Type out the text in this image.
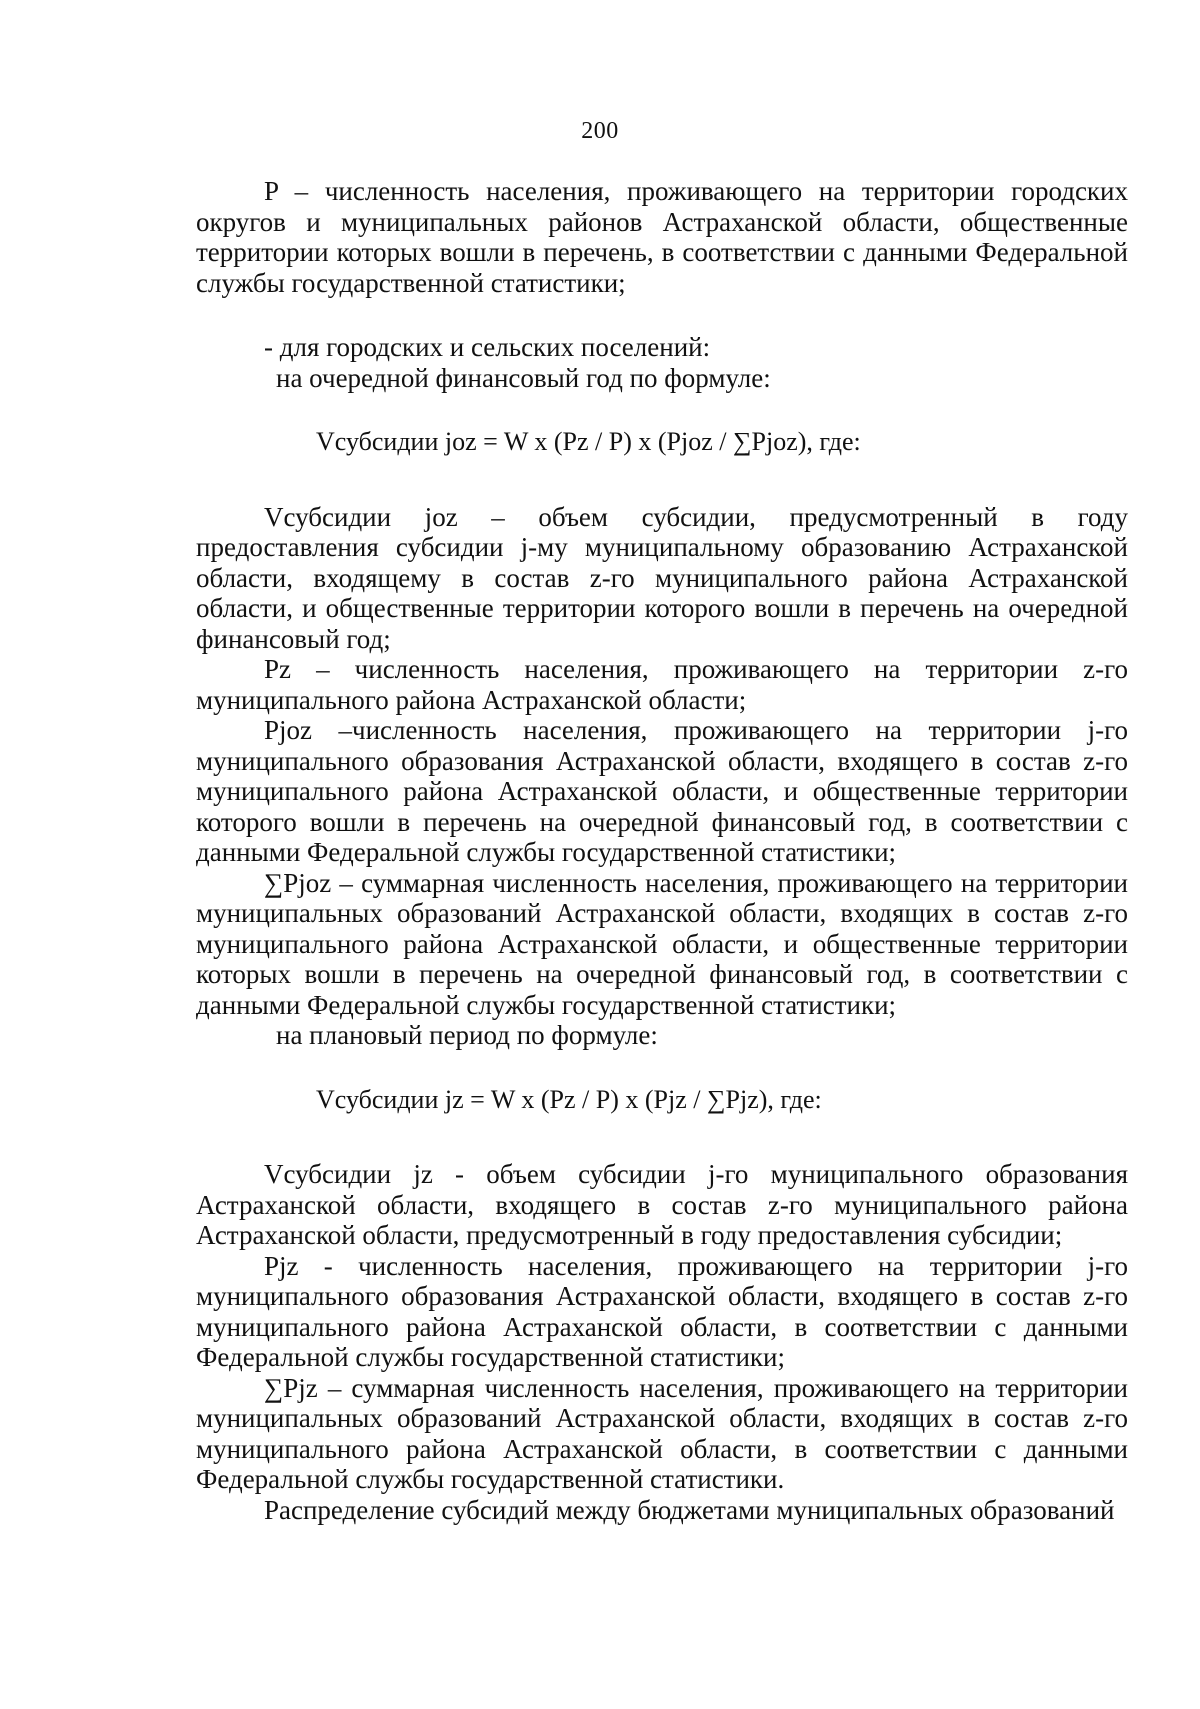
200

P – численность населения, проживающего на территории городских округов и муниципальных районов Астраханской области, общественные территории которых вошли в перечень, в соответствии с данными Федеральной службы государственной статистики;

- для городских и сельских поселений:

на очередной финансовый год по формуле:

Vсубсидии joz = W x (Pz / P) x (Pjoz / ∑Pjoz), где:

Vсубсидии joz – объем субсидии, предусмотренный в году предоставления субсидии j-му муниципальному образованию Астраханской области, входящему в состав z-го муниципального района Астраханской области, и общественные территории которого вошли в перечень на очередной финансовый год;

Pz – численность населения, проживающего на территории z-го муниципального района Астраханской области;

Pjoz –численность населения, проживающего на территории j-го муниципального образования Астраханской области, входящего в состав z-го муниципального района Астраханской области, и общественные территории которого вошли в перечень на очередной финансовый год, в соответствии с данными Федеральной службы государственной статистики;

∑Pjoz – суммарная численность населения, проживающего на территории муниципальных образований Астраханской области, входящих в состав z-го муниципального района Астраханской области, и общественные территории которых вошли в перечень на очередной финансовый год, в соответствии с данными Федеральной службы государственной статистики;

на плановый период по формуле:

Vсубсидии jz = W x (Pz / P) x (Pjz / ∑Pjz), где:

Vсубсидии jz - объем субсидии j-го муниципального образования Астраханской области, входящего в состав z-го муниципального района Астраханской области, предусмотренный в году предоставления субсидии;

Pjz - численность населения, проживающего на территории j-го муниципального образования Астраханской области, входящего в состав z-го муниципального района Астраханской области, в соответствии с данными Федеральной службы государственной статистики;

∑Pjz – суммарная численность населения, проживающего на территории муниципальных образований Астраханской области, входящих в состав z-го муниципального района Астраханской области, в соответствии с данными Федеральной службы государственной статистики.

Распределение субсидий между бюджетами муниципальных образований
